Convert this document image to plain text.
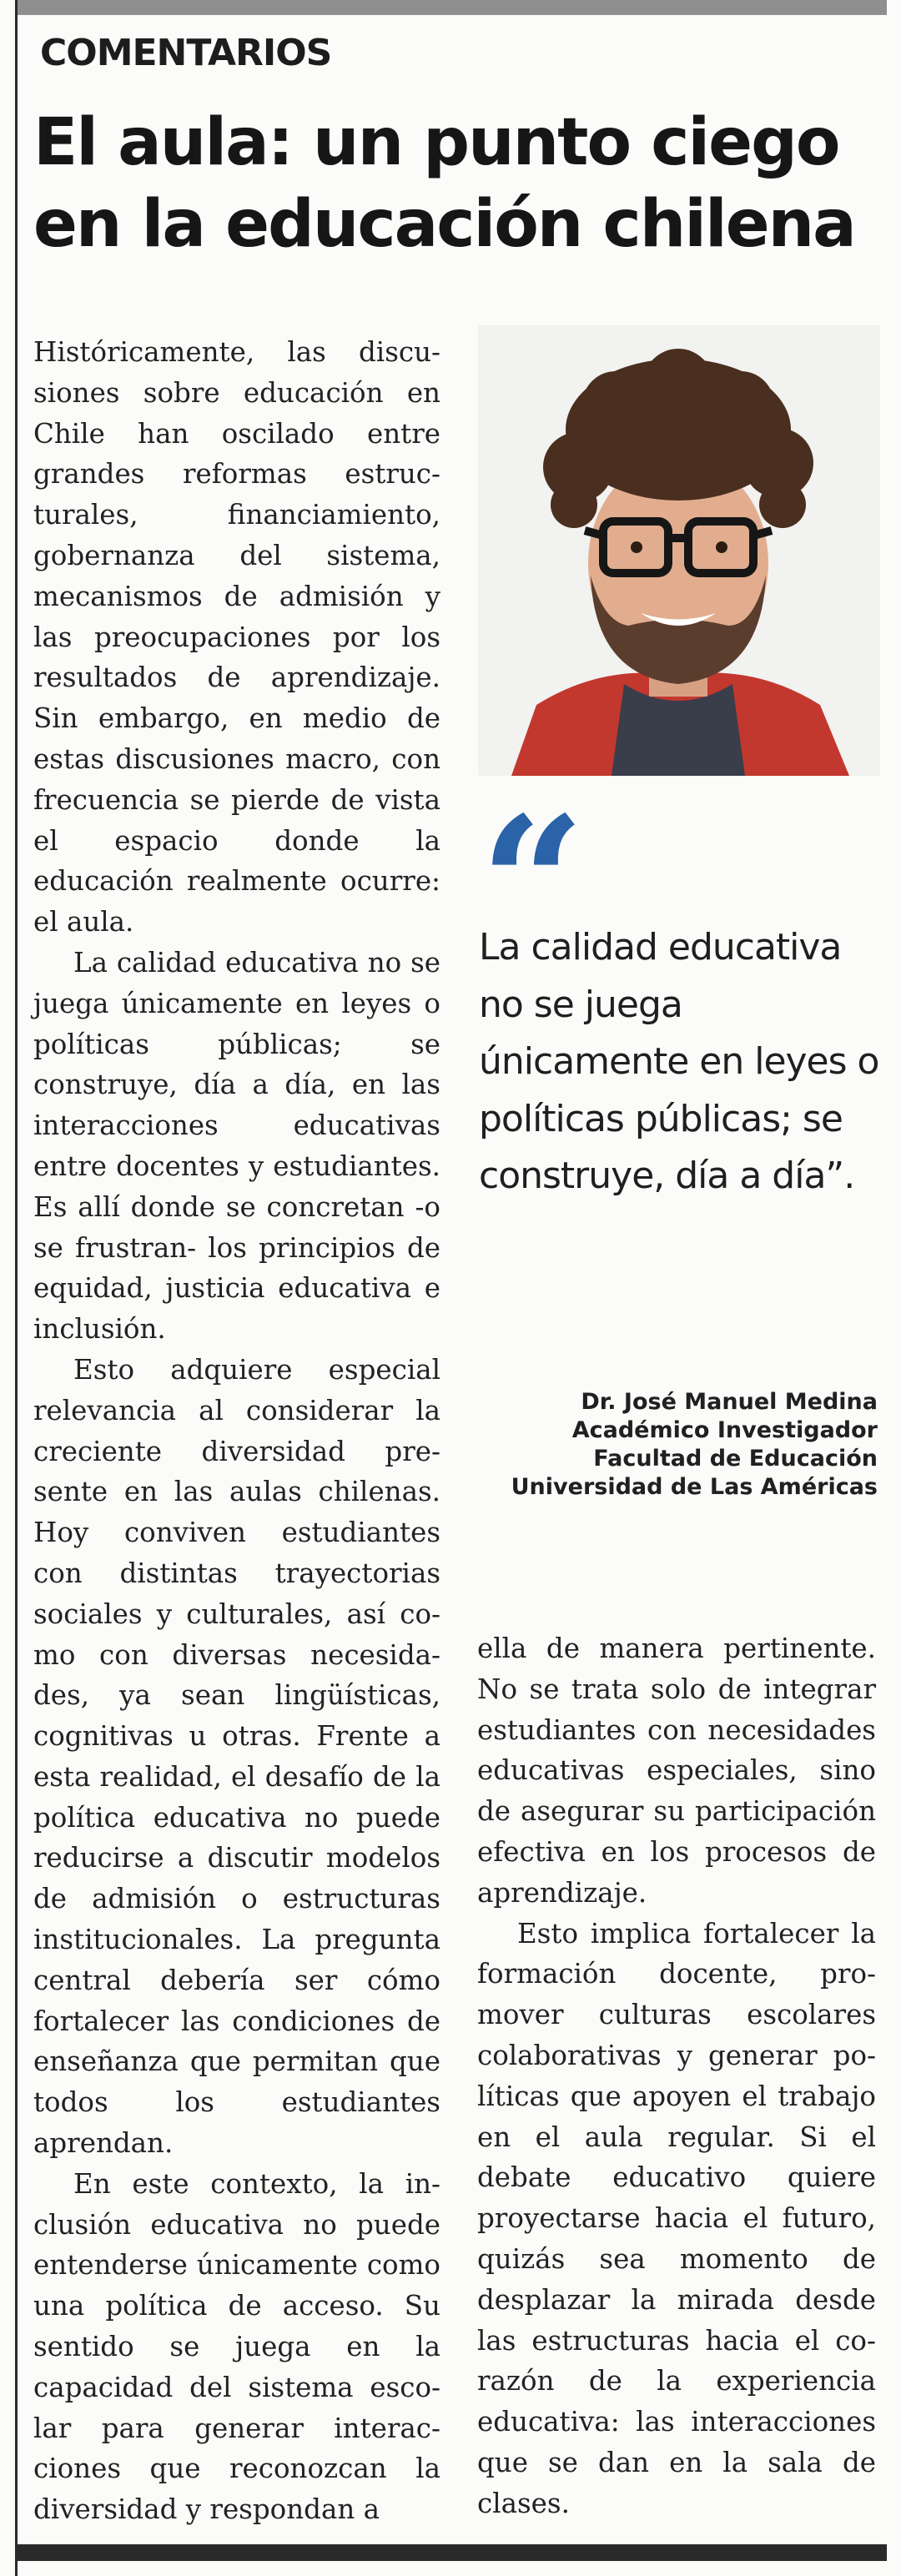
COMENTARIOS
El aula: un punto ciego en la educación chilena

Históricamente, las discusiones sobre educación en Chile han oscilado entre grandes reformas estructurales, financiamiento, gobernanza del sistema, mecanismos de admisión y las preocupaciones por los resultados de aprendizaje. Sin embargo, en medio de estas discusiones macro, con frecuencia se pierde de vista el espacio donde la educación realmente ocurre: el aula.

La calidad educativa no se juega únicamente en leyes o políticas públicas; se construye, día a día, en las interacciones educativas entre docentes y estudiantes. Es allí donde se concretan -o se frustran- los principios de equidad, justicia educativa e inclusión.

Esto adquiere especial relevancia al considerar la creciente diversidad presente en las aulas chilenas. Hoy conviven estudiantes con distintas trayectorias sociales y culturales, así como con diversas necesidades, ya sean lingüísticas, cognitivas u otras. Frente a esta realidad, el desafío de la política educativa no puede reducirse a discutir modelos de admisión o estructuras institucionales. La pregunta central debería ser cómo fortalecer las condiciones de enseñanza que permitan que todos los estudiantes aprendan.

En este contexto, la inclusión educativa no puede entenderse únicamente como una política de acceso. Su sentido se juega en la capacidad del sistema escolar para generar interacciones que reconozcan la diversidad y respondan a

“

La calidad educativa no se juega únicamente en leyes o políticas públicas; se construye, día a día”.

Dr. José Manuel Medina
Académico Investigador
Facultad de Educación
Universidad de Las Américas

ella de manera pertinente. No se trata solo de integrar estudiantes con necesidades educativas especiales, sino de asegurar su participación efectiva en los procesos de aprendizaje.

Esto implica fortalecer la formación docente, promover culturas escolares colaborativas y generar políticas que apoyen el trabajo en el aula regular. Si el debate educativo quiere proyectarse hacia el futuro, quizás sea momento de desplazar la mirada desde las estructuras hacia el corazón de la experiencia educativa: las interacciones que se dan en la sala de clases.
